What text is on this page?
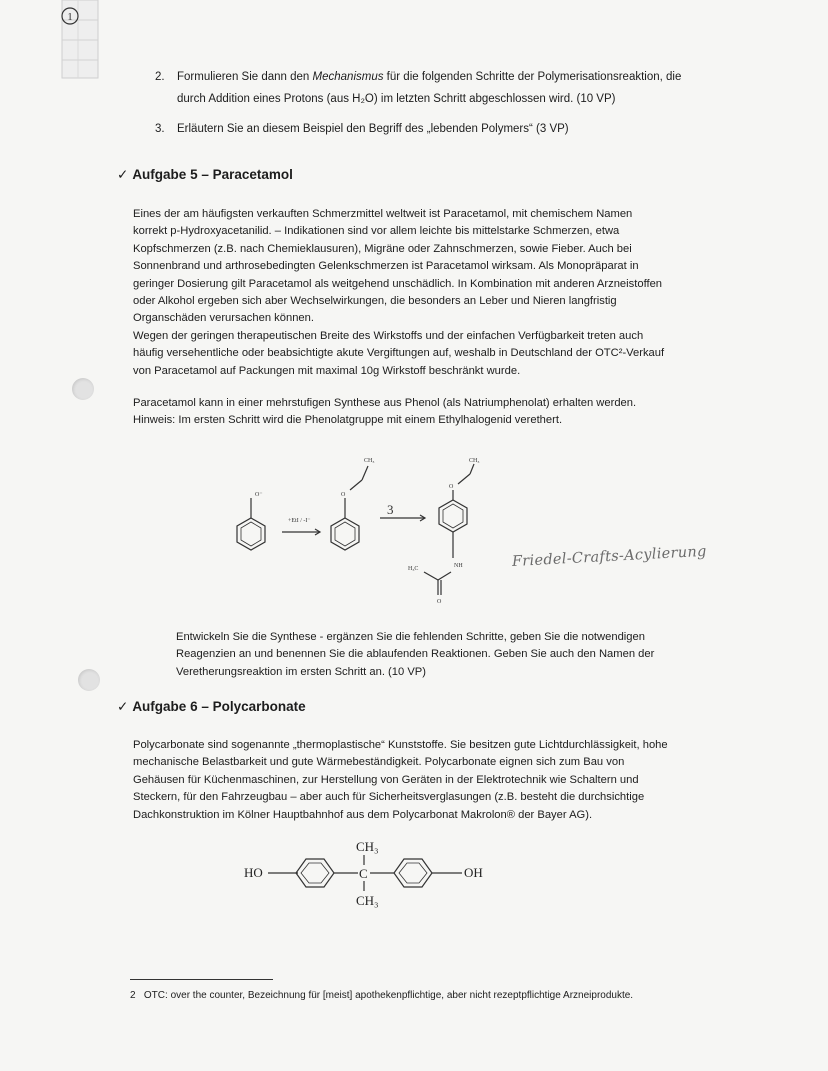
1
2. Formulieren Sie dann den Mechanismus für die folgenden Schritte der Polymerisationsreaktion, die
durch Addition eines Protons (aus H₂O) im letzten Schritt abgeschlossen wird. (10 VP)
3. Erläutern Sie an diesem Beispiel den Begriff des „lebenden Polymers“ (3 VP)
✓ Aufgabe 5 – Paracetamol

Eines der am häufigsten verkauften Schmerzmittel weltweit ist Paracetamol, mit chemischem Namen

korrekt p-Hydroxyacetanilid. – Indikationen sind vor allem leichte bis mittelstarke Schmerzen, etwa

Kopfschmerzen (z.B. nach Chemieklausuren), Migräne oder Zahnschmerzen, sowie Fieber. Auch bei

Sonnenbrand und arthrosebedingten Gelenkschmerzen ist Paracetamol wirksam. Als Monopräparat in

geringer Dosierung gilt Paracetamol als weitgehend unschädlich. In Kombination mit anderen Arzneistoffen

oder Alkohol ergeben sich aber Wechselwirkungen, die besonders an Leber und Nieren langfristig

Organschäden verursachen können.

Wegen der geringen therapeutischen Breite des Wirkstoffs und der einfachen Verfügbarkeit treten auch

häufig versehentliche oder beabsichtigte akute Vergiftungen auf, weshalb in Deutschland der OTC²-Verkauf

von Paracetamol auf Packungen mit maximal 10g Wirkstoff beschränkt wurde.

Paracetamol kann in einer mehrstufigen Synthese aus Phenol (als Natriumphenolat) erhalten werden.

Hinweis: Im ersten Schritt wird die Phenolatgruppe mit einem Ethylhalogenid verethert.

O⁻
+EtI / -I⁻
3
O
CH₃
O
CH₃
NH
H₃C
O
Friedel-Crafts-Acylierung

Entwickeln Sie die Synthese - ergänzen Sie die fehlenden Schritte, geben Sie die notwendigen

Reagenzien an und benennen Sie die ablaufenden Reaktionen. Geben Sie auch den Namen der

Veretherungsreaktion im ersten Schritt an. (10 VP)

✓ Aufgabe 6 – Polycarbonate

Polycarbonate sind sogenannte „thermoplastische“ Kunststoffe. Sie besitzen gute Lichtdurchlässigkeit, hohe

mechanische Belastbarkeit und gute Wärmebeständigkeit. Polycarbonate eignen sich zum Bau von

Gehäusen für Küchenmaschinen, zur Herstellung von Geräten in der Elektrotechnik wie Schaltern und

Steckern, für den Fahrzeugbau – aber auch für Sicherheitsverglasungen (z.B. besteht die durchsichtige

Dachkonstruktion im Kölner Hauptbahnhof aus dem Polycarbonat Makrolon® der Bayer AG).

HO	C
CH₃
CH₃
OH
2 OTC: over the counter, Bezeichnung für [meist] apothekenpflichtige, aber nicht rezeptpflichtige Arzneiprodukte.
